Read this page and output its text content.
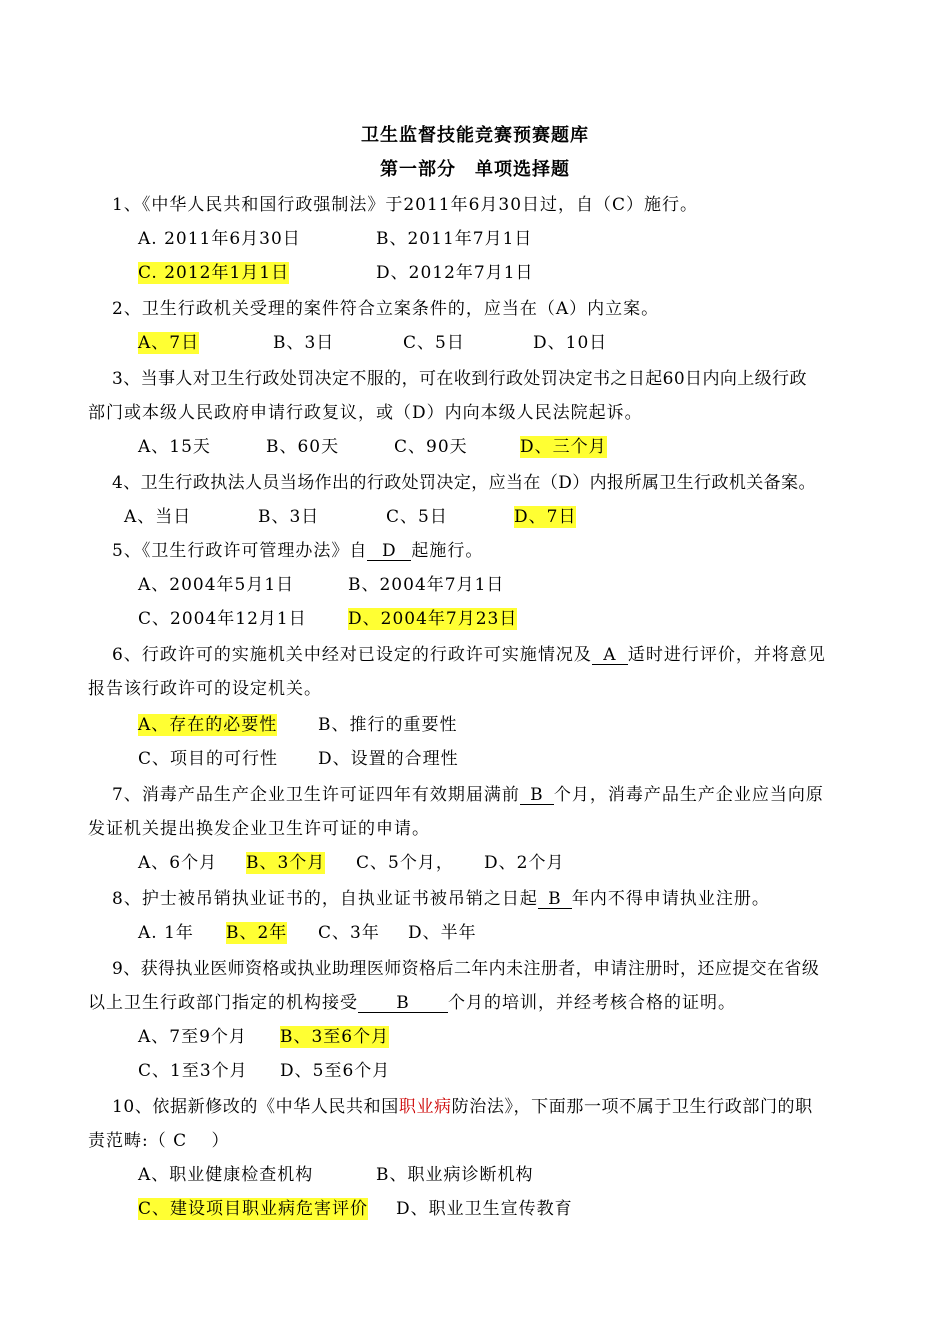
卫生监督技能竞赛预赛题库
第一部分　单项选择题
1、《中华人民共和国行政强制法》于2011年6月30日过，自（C）施行。
A. 2011年6月30日	B、2011年7月1日
C. 2012年1月1日	D、2012年7月1日
2、卫生行政机关受理的案件符合立案条件的，应当在（A）内立案。
A、7日	B、3日	C、5日	D、10日
3、当事人对卫生行政处罚决定不服的，可在收到行政处罚决定书之日起60日内向上级行政
部门或本级人民政府申请行政复议，或（D）内向本级人民法院起诉。
A、15天	B、60天	C、90天	D、三个月
4、卫生行政执法人员当场作出的行政处罚决定，应当在（D）内报所属卫生行政机关备案。
A、当日	B、3日	C、5日	D、7日
5、《卫生行政许可管理办法》自 D 起施行。
A、2004年5月1日	B、2004年7月1日
C、2004年12月1日 D、2004年7月23日
6、行政许可的实施机关中经对已设定的行政许可实施情况及 A 适时进行评价，并将意见
报告该行政许可的设定机关。
A、存在的必要性 B、推行的重要性
C、项目的可行性 D、设置的合理性
7、消毒产品生产企业卫生许可证四年有效期届满前 B 个月，消毒产品生产企业应当向原
发证机关提出换发企业卫生许可证的申请。
A、6个月 B、3个月 C、5个月， D、2个月
8、护士被吊销执业证书的，自执业证书被吊销之日起 B 年内不得申请执业注册。
A. 1年 B、2年 C、3年 D、半年
9、获得执业医师资格或执业助理医师资格后二年内未注册者，申请注册时，还应提交在省级
以上卫生行政部门指定的机构接受 B 个月的培训，并经考核合格的证明。
A、7至9个月 B、3至6个月
C、1至3个月 D、5至6个月
10、依据新修改的《中华人民共和国职业病防治法》，下面那一项不属于卫生行政部门的职
责范畴:（ C　 ）
A、职业健康检查机构	B、职业病诊断机构
C、建设项目职业病危害评价 D、职业卫生宣传教育
